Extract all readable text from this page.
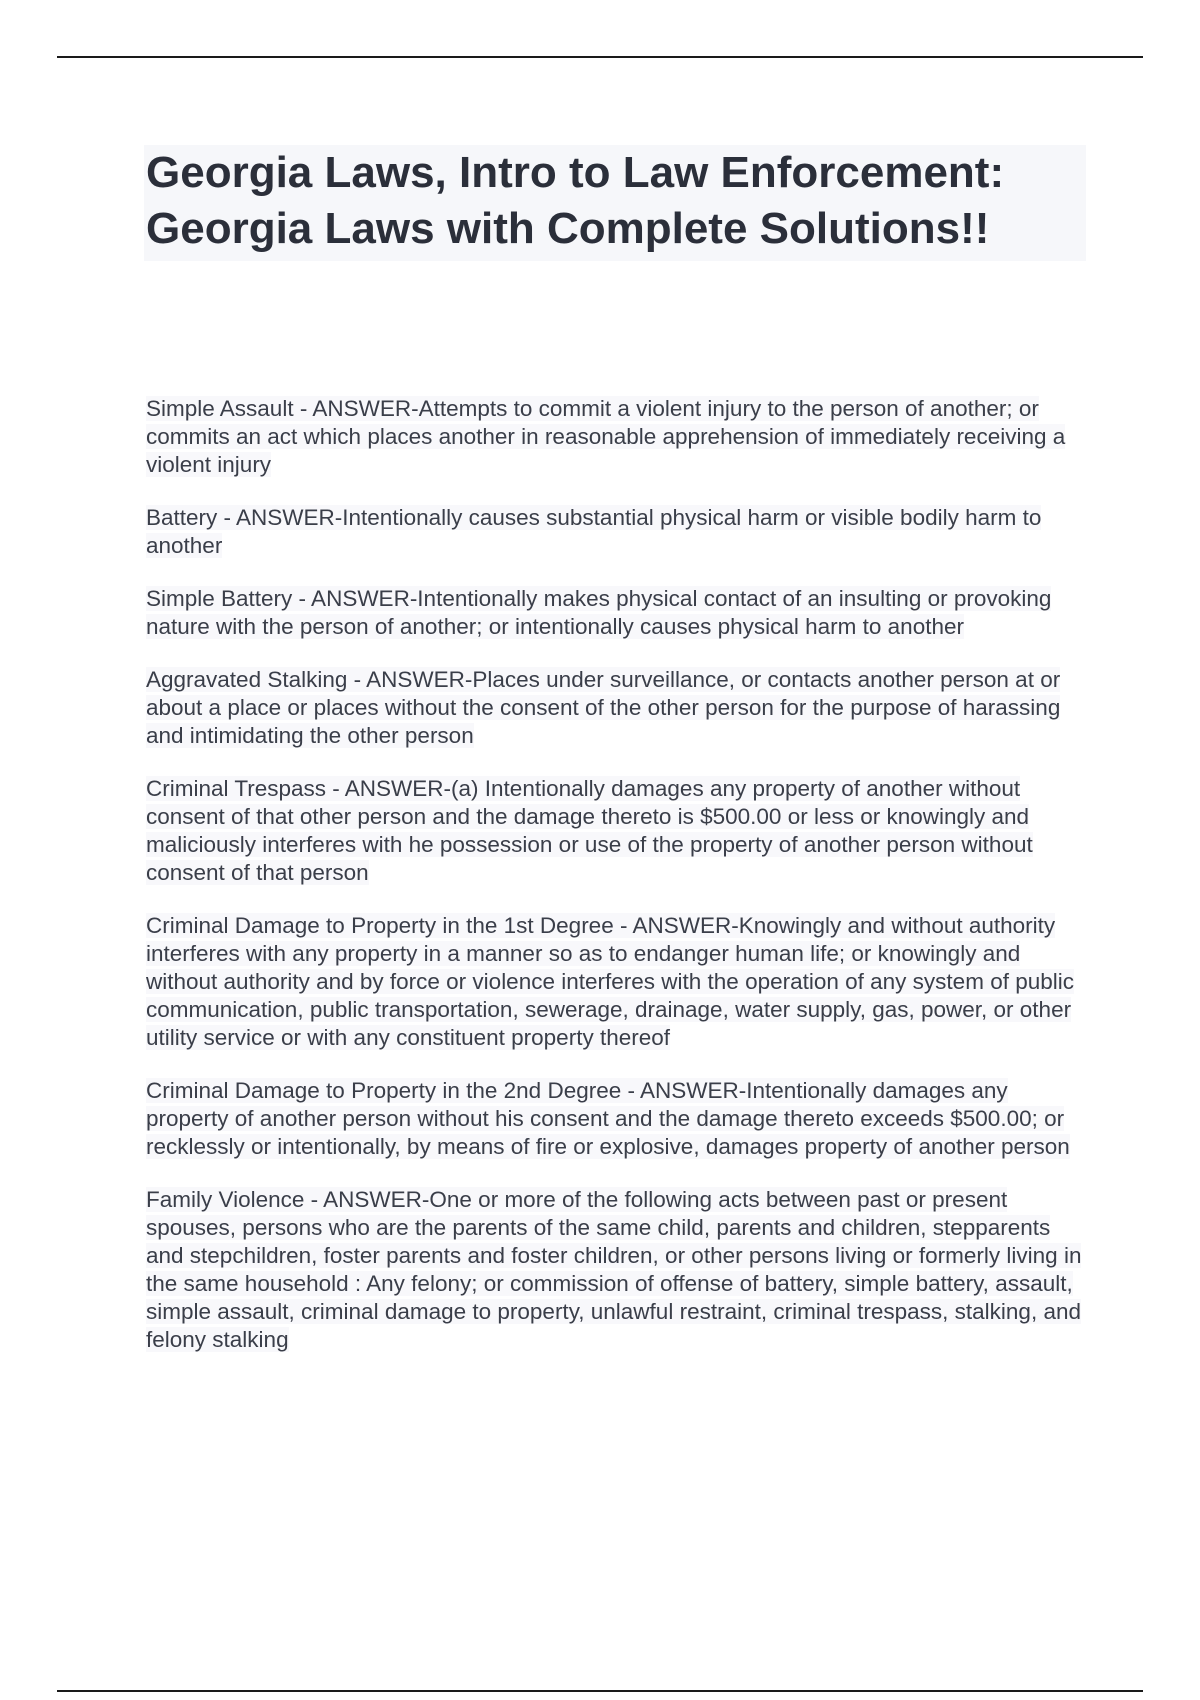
Georgia Laws, Intro to Law Enforcement: Georgia Laws with Complete Solutions!!

Simple Assault - ANSWER-Attempts to commit a violent injury to the person of another; or commits an act which places another in reasonable apprehension of immediately receiving a violent injury

Battery - ANSWER-Intentionally causes substantial physical harm or visible bodily harm to another

Simple Battery - ANSWER-Intentionally makes physical contact of an insulting or provoking nature with the person of another; or intentionally causes physical harm to another

Aggravated Stalking - ANSWER-Places under surveillance, or contacts another person at or about a place or places without the consent of the other person for the purpose of harassing and intimidating the other person

Criminal Trespass - ANSWER-(a) Intentionally damages any property of another without consent of that other person and the damage thereto is $500.00 or less or knowingly and maliciously interferes with he possession or use of the property of another person without consent of that person

Criminal Damage to Property in the 1st Degree - ANSWER-Knowingly and without authority interferes with any property in a manner so as to endanger human life; or knowingly and without authority and by force or violence interferes with the operation of any system of public communication, public transportation, sewerage, drainage, water supply, gas, power, or other utility service or with any constituent property thereof

Criminal Damage to Property in the 2nd Degree - ANSWER-Intentionally damages any property of another person without his consent and the damage thereto exceeds $500.00; or recklessly or intentionally, by means of fire or explosive, damages property of another person

Family Violence - ANSWER-One or more of the following acts between past or present spouses, persons who are the parents of the same child, parents and children, stepparents and stepchildren, foster parents and foster children, or other persons living or formerly living in the same household : Any felony; or commission of offense of battery, simple battery, assault, simple assault, criminal damage to property, unlawful restraint, criminal trespass, stalking, and felony stalking
